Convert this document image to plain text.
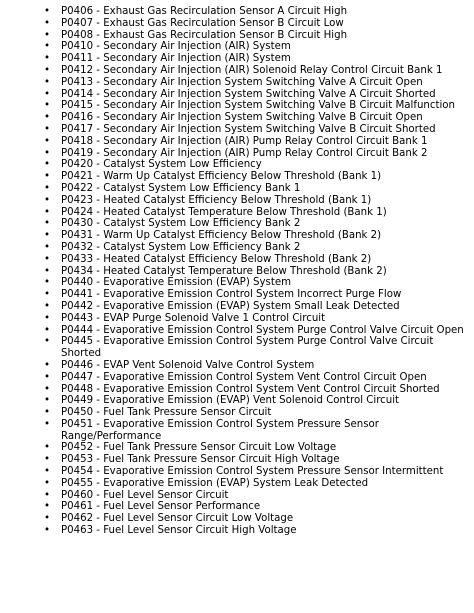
• P0406 - Exhaust Gas Recirculation Sensor A Circuit High
• P0407 - Exhaust Gas Recirculation Sensor B Circuit Low
• P0408 - Exhaust Gas Recirculation Sensor B Circuit High
• P0410 - Secondary Air Injection (AIR) System
• P0411 - Secondary Air Injection (AIR) System
• P0412 - Secondary Air Injection (AIR) Solenoid Relay Control Circuit Bank 1
• P0413 - Secondary Air Injection System Switching Valve A Circuit Open
• P0414 - Secondary Air Injection System Switching Valve A Circuit Shorted
• P0415 - Secondary Air Injection System Switching Valve B Circuit Malfunction
• P0416 - Secondary Air Injection System Switching Valve B Circuit Open
• P0417 - Secondary Air Injection System Switching Valve B Circuit Shorted
• P0418 - Secondary Air Injection (AIR) Pump Relay Control Circuit Bank 1
• P0419 - Secondary Air Injection (AIR) Pump Relay Control Circuit Bank 2
• P0420 - Catalyst System Low Efficiency
• P0421 - Warm Up Catalyst Efficiency Below Threshold (Bank 1)
• P0422 - Catalyst System Low Efficiency Bank 1
• P0423 - Heated Catalyst Efficiency Below Threshold (Bank 1)
• P0424 - Heated Catalyst Temperature Below Threshold (Bank 1)
• P0430 - Catalyst System Low Efficiency Bank 2
• P0431 - Warm Up Catalyst Efficiency Below Threshold (Bank 2)
• P0432 - Catalyst System Low Efficiency Bank 2
• P0433 - Heated Catalyst Efficiency Below Threshold (Bank 2)
• P0434 - Heated Catalyst Temperature Below Threshold (Bank 2)
• P0440 - Evaporative Emission (EVAP) System
• P0441 - Evaporative Emission Control System Incorrect Purge Flow
• P0442 - Evaporative Emission (EVAP) System Small Leak Detected
• P0443 - EVAP Purge Solenoid Valve 1 Control Circuit
• P0444 - Evaporative Emission Control System Purge Control Valve Circuit Open
• P0445 - Evaporative Emission Control System Purge Control Valve Circuit Shorted
• P0446 - EVAP Vent Solenoid Valve Control System
• P0447 - Evaporative Emission Control System Vent Control Circuit Open
• P0448 - Evaporative Emission Control System Vent Control Circuit Shorted
• P0449 - Evaporative Emission (EVAP) Vent Solenoid Control Circuit
• P0450 - Fuel Tank Pressure Sensor Circuit
• P0451 - Evaporative Emission Control System Pressure Sensor Range/Performance
• P0452 - Fuel Tank Pressure Sensor Circuit Low Voltage
• P0453 - Fuel Tank Pressure Sensor Circuit High Voltage
• P0454 - Evaporative Emission Control System Pressure Sensor Intermittent
• P0455 - Evaporative Emission (EVAP) System Leak Detected
• P0460 - Fuel Level Sensor Circuit
• P0461 - Fuel Level Sensor Performance
• P0462 - Fuel Level Sensor Circuit Low Voltage
• P0463 - Fuel Level Sensor Circuit High Voltage
